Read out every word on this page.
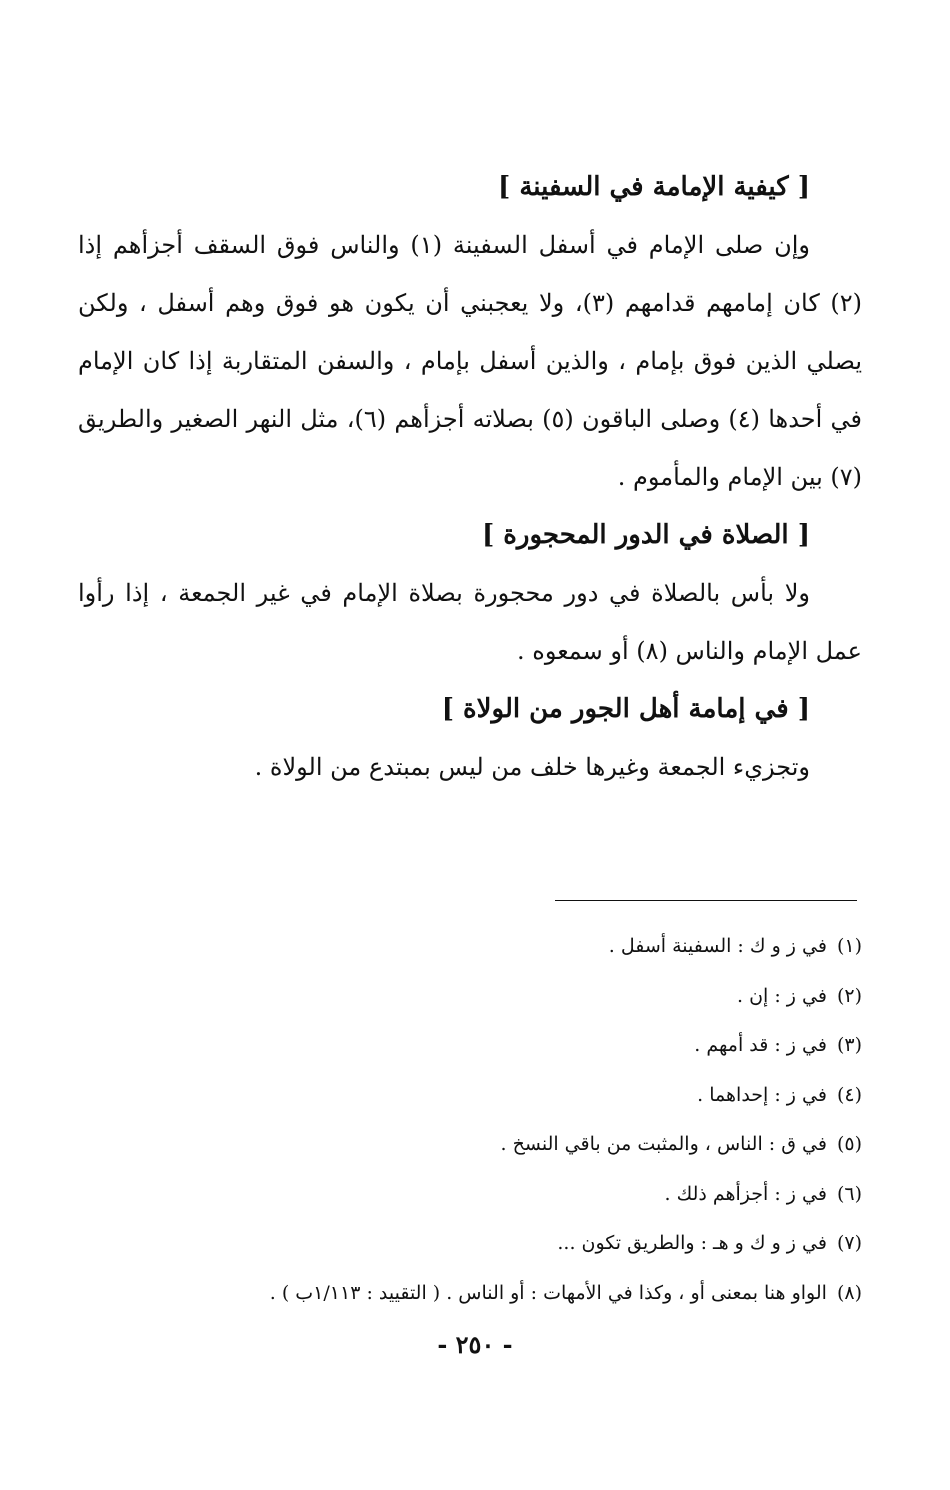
[ كيفية الإمامة في السفينة ]

وإن صلى الإمام في أسفل السفينة (١) والناس فوق السقف أجزأهم إذا (٢) كان إمامهم قدامهم (٣)، ولا يعجبني أن يكون هو فوق وهم أسفل ، ولكن يصلي الذين فوق بإمام ، والذين أسفل بإمام ، والسفن المتقاربة إذا كان الإمام في أحدها (٤) وصلى الباقون (٥) بصلاته أجزأهم (٦)، مثل النهر الصغير والطريق (٧) بين الإمام والمأموم .

[ الصلاة في الدور المحجورة ]

ولا بأس بالصلاة في دور محجورة بصلاة الإمام في غير الجمعة ، إذا رأوا عمل الإمام والناس (٨) أو سمعوه .

[ في إمامة أهل الجور من الولاة ]

وتجزيء الجمعة وغيرها خلف من ليس بمبتدع من الولاة .

(١)في ز و ك : السفينة أسفل .
(٢)في ز : إن .
(٣)في ز : قد أمهم .
(٤)في ز : إحداهما .
(٥)في ق : الناس ، والمثبت من باقي النسخ .
(٦)في ز : أجزأهم ذلك .
(٧)في ز و ك و هـ : والطريق تكون ...
(٨)الواو هنا بمعنى أو ، وكذا في الأمهات : أو الناس . ( التقييد : ١/١١٣ب ) .
- ٢٥٠ -
